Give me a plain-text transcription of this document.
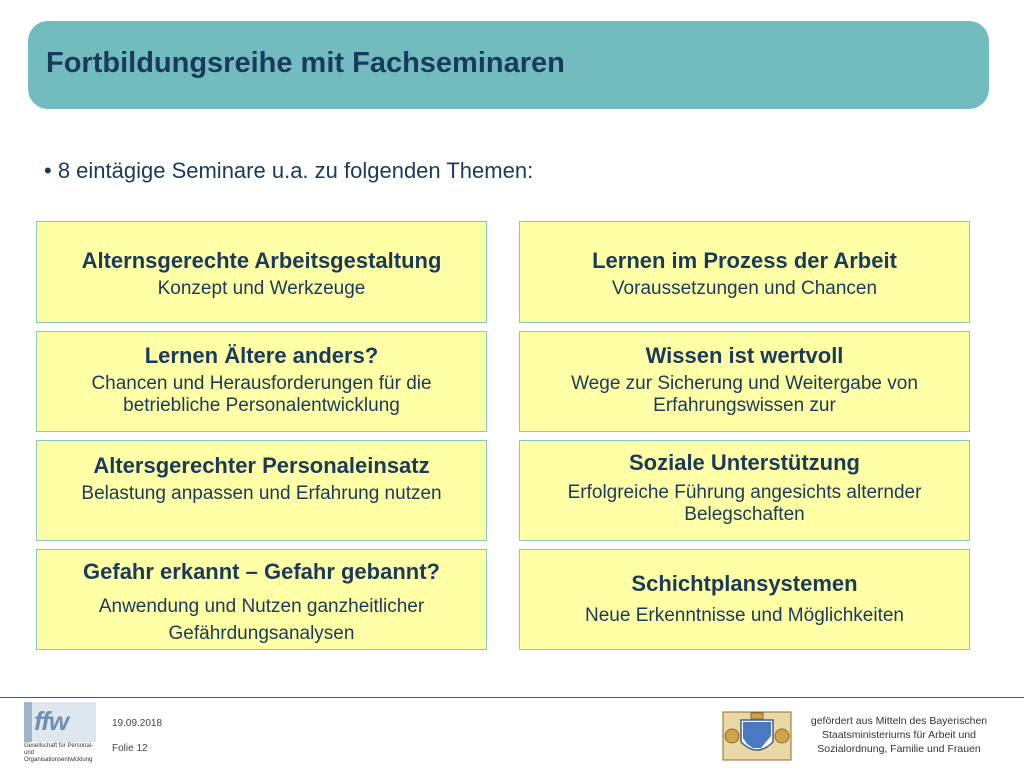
Fortbildungsreihe mit Fachseminaren
• 8 eintägige Seminare u.a. zu folgenden Themen:
Alternsgerechte Arbeitsgestaltung
Konzept und Werkzeuge
Lernen im Prozess der Arbeit
Voraussetzungen und Chancen
Lernen Ältere anders?
Chancen und Herausforderungen für die betriebliche Personalentwicklung
Wissen ist wertvoll
Wege zur Sicherung und Weitergabe von Erfahrungswissen zur
Altersgerechter Personaleinsatz
Belastung anpassen und Erfahrung nutzen
Soziale Unterstützung
Erfolgreiche Führung angesichts alternder Belegschaften
Gefahr erkannt – Gefahr gebannt?
Anwendung und Nutzen ganzheitlicher Gefährdungsanalysen
Schichtplansystemen
Neue Erkenntnisse und Möglichkeiten
ffw
Gesellschaft für Personal- und Organisationsentwicklung
19.09.2018
Folie 12
gefördert aus Mitteln des Bayerischen Staatsministeriums für Arbeit und Sozialordnung, Familie und Frauen
